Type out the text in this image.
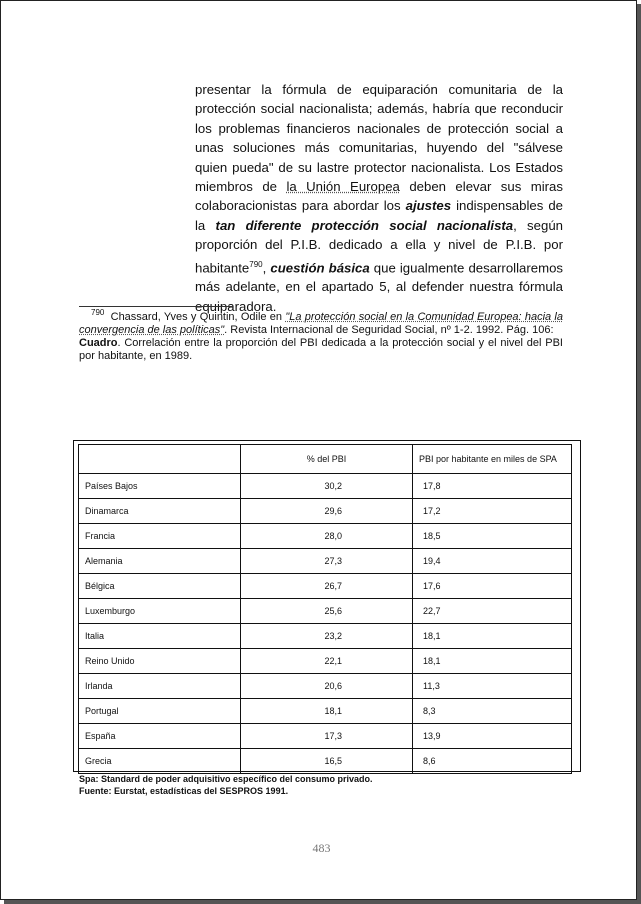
presentar la fórmula de equiparación comunitaria de la protección social nacionalista; además, habría que reconducir los problemas financieros nacionales de protección social a unas soluciones más comunitarias, huyendo del "sálvese quien pueda" de su lastre protector nacionalista. Los Estados miembros de la Unión Europea deben elevar sus miras colaboracionistas para abordar los ajustes indispensables de la tan diferente protección social nacionalista, según proporción del P.I.B. dedicado a ella y nivel de P.I.B. por habitante$^{790}$, cuestión básica que igualmente desarrollaremos más adelante, en el apartado 5, al defender nuestra fórmula equiparadora.

$^{790}$ Chassard, Yves y Quintin, Odile en "La protección social en la Comunidad Europea: hacia la convergencia de las políticas". Revista Internacional de Seguridad Social, nº 1-2. 1992. Pág. 106:

Cuadro. Correlación entre la proporción del PBI dedicada a la protección social y el nivel del PBI por habitante, en 1989.

	% del PBI	PBI por habitante en miles de SPA
Países Bajos	30,2	17,8
Dinamarca	29,6	17,2
Francia	28,0	18,5
Alemania	27,3	19,4
Bélgica	26,7	17,6
Luxemburgo	25,6	22,7
Italia	23,2	18,1
Reino Unido	22,1	18,1
Irlanda	20,6	11,3
Portugal	18,1	8,3
España	17,3	13,9
Grecia	16,5	8,6

Spa: Standard de poder adquisitivo específico del consumo privado.

Fuente: Eurstat, estadísticas del SESPROS 1991.

483
